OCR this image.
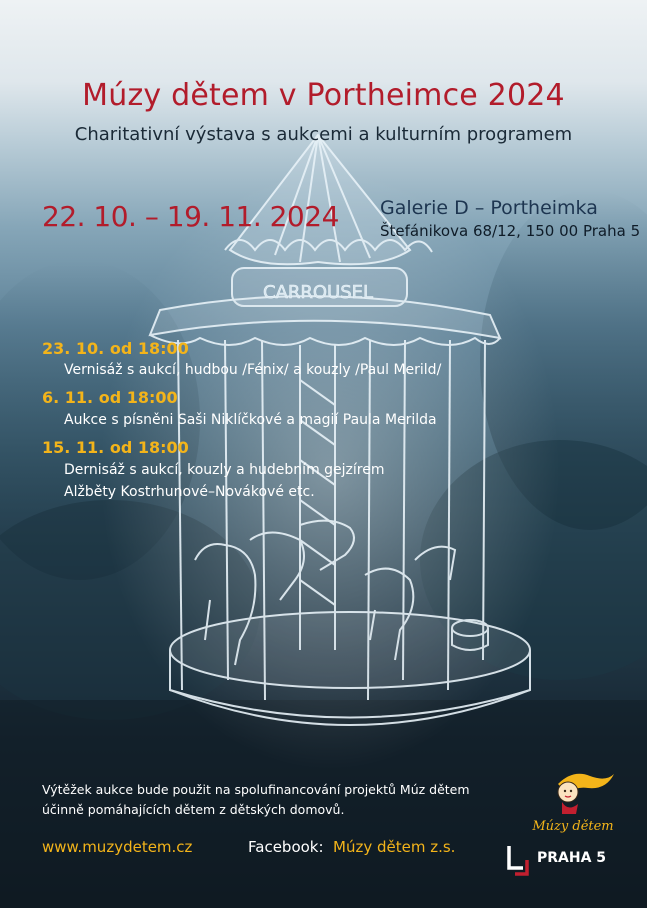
CARROUSEL
Múzy dětem v Portheimce 2024
Charitativní výstava s aukcemi a kulturním programem
22. 10. – 19. 11. 2024 Galerie D – Portheimka
Štefánikova 68/12, 150 00 Praha 5
23. 10. od 18:00
Vernisáž s aukcí, hudbou /Fénix/ a kouzly /Paul Merild/
6. 11. od 18:00
Aukce s písněni Saši Niklíčkové a magií Paula Merilda
15. 11. od 18:00
Dernisáž s aukcí, kouzly a hudebním gejzírem
Alžběty Kostrhunové–Novákové etc.
Výtěžek aukce bude použit na spolufinancování projektů Múz dětem
účinně pomáhajících dětem z dětských domovů.
www.muzydetem.cz	Facebook: Múzy dětem z.s.
Múzy dětem
PRAHA 5
